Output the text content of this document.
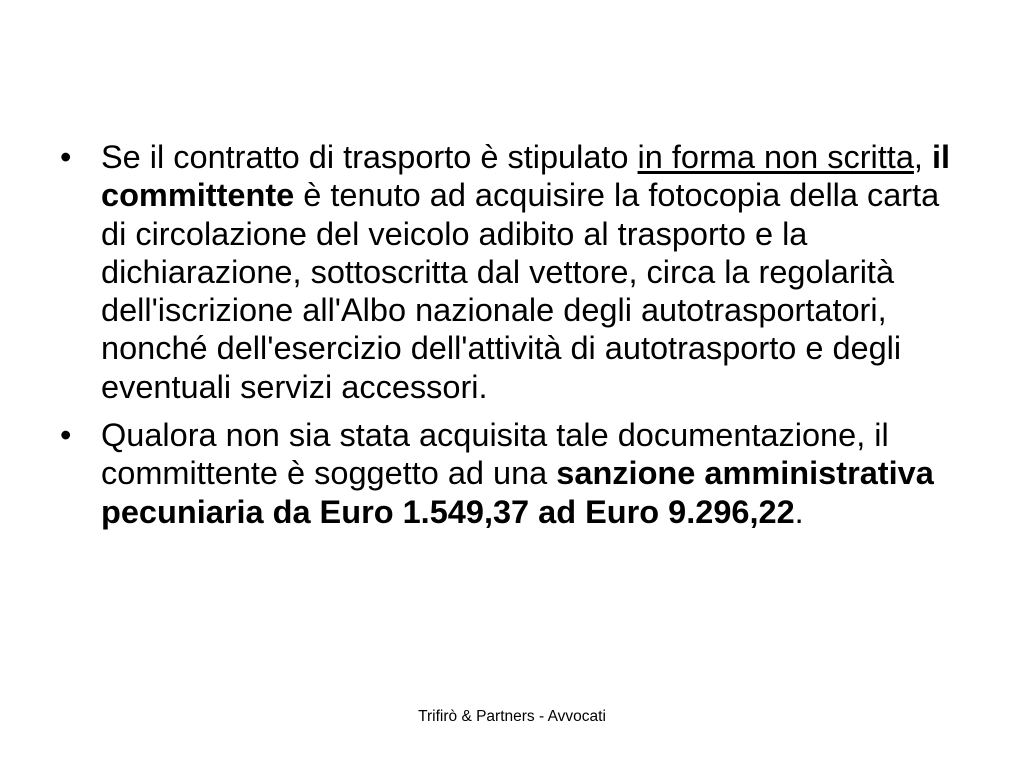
• Se il contratto di trasporto è stipulato in forma non scritta, il committente è tenuto ad acquisire la fotocopia della carta di circolazione del veicolo adibito al trasporto e la dichiarazione, sottoscritta dal vettore, circa la regolarità dell'iscrizione all'Albo nazionale degli autotrasportatori, nonché dell'esercizio dell'attività di autotrasporto e degli eventuali servizi accessori.
• Qualora non sia stata acquisita tale documentazione, il committente è soggetto ad una sanzione amministrativa pecuniaria da Euro 1.549,37 ad Euro 9.296,22.
Trifirò & Partners - Avvocati
